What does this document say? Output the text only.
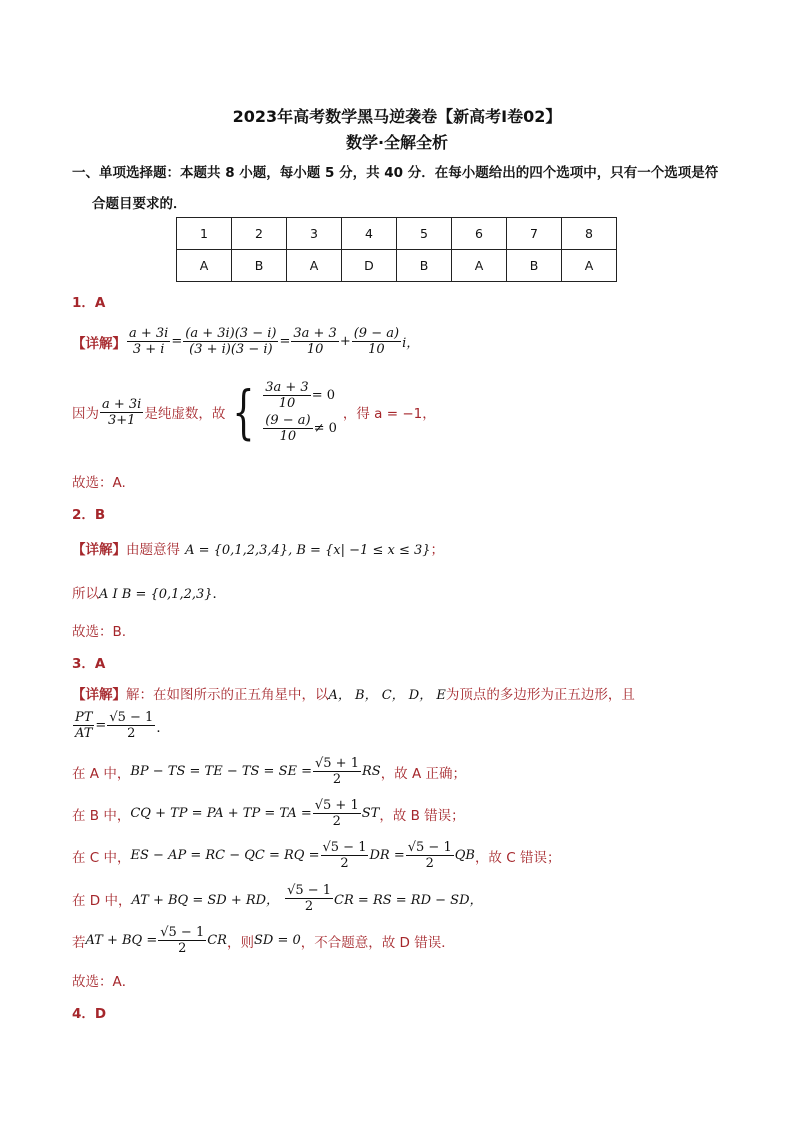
2023年高考数学黑马逆袭卷【新高考Ⅰ卷02】
数学·全解全析
一、单项选择题：本题共 8 小题，每小题 5 分，共 40 分．在每小题给出的四个选项中，只有一个选项是符
合题目要求的．
1	2	3	4	5	6	7	8
A	B	A	D	B	A	B	A
1．A
【详解】 $\frac{a + 3i}{3 + i} = \frac{(a + 3i)(3 - i)}{(3 + i)(3 - i)} = \frac{3a + 3}{10} + \frac{(9 - a)}{10}$ i，
因为 $\frac{a + 3i}{3+1}$ 是纯虚数，故 { $\frac{3a + 3}{10} = 0$
$\frac{(9 - a)}{10} \ne 0$
，得 a = −1，
故选：A.
2．B
【详解】由题意得 A = {0,1,2,3,4}, B = {x| −1 ≤ x ≤ 3}；
所以A I B = {0,1,2,3}．
故选：B.
3．A
【详解】解：在如图所示的正五角星中，以A， B， C， D， E为顶点的多边形为正五边形，且
$\frac{PT}{AT} = \frac{√5 - 1}{2}$ ．
在 A 中， BP − TS = TE − TS = SE = $\frac{√5 + 1}{2}$ RS ，故 A 正确；
在 B 中， CQ + TP = PA + TP = TA = $\frac{√5 + 1}{2}$ ST ，故 B 错误；
在 C 中， ES − AP = RC − QC = RQ = $\frac{√5 - 1}{2}$ DR = $\frac{√5 - 1}{2}$ QB ，故 C 错误；
在 D 中， AT + BQ = SD + RD， $\frac{√5 - 1}{2}$ CR = RS = RD − SD，
若 AT + BQ = $\frac{√5 - 1}{2}$ CR ，则 SD = 0 ，不合题意，故 D 错误．
故选：A．
4．D
